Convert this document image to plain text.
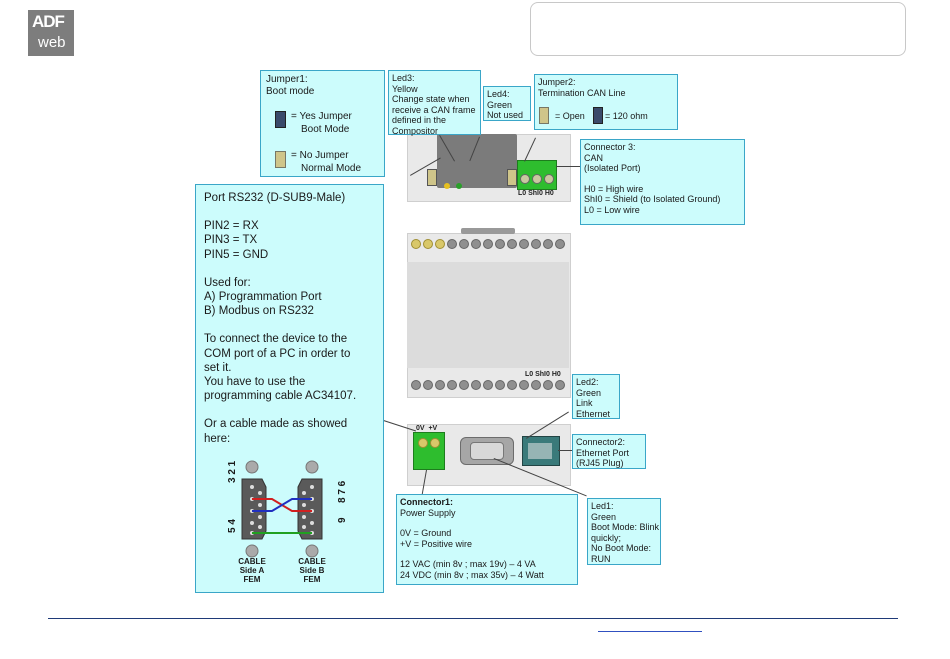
ADF
web
L0 ShI0 H0
L0 ShI0 H0
0V  +V
Jumper1:
Boot mode
= Yes Jumper
Boot Mode
= No Jumper
Normal Mode
Led3:
Yellow
Change state when
receive a CAN frame
defined in the
Compositor
Led4:
Green
Not used
Jumper2:
Termination CAN Line
= Open = 120 ohm
Connector 3:
CAN
(Isolated Port)
H0 = High wire
ShI0 = Shield (to Isolated Ground)
L0 = Low wire
Port RS232 (D-SUB9-Male)
PIN2 = RX
PIN3 = TX
PIN5 = GND
Used for:
A) Programmation Port
B) Modbus on RS232
To connect the device to the
COM port of a PC in order to
set it.
You have to use the
programming cable AC34107.
Or a cable made as showed
here:
3 2 1
5 4
8 7 6
9
CABLE
Side A
FEM
CABLE
Side B
FEM
Led2:
Green
Link
Ethernet
Connector2:
Ethernet Port
(RJ45 Plug)
Connector1:
Power Supply
0V = Ground
+V = Positive wire
12 VAC (min 8v ; max 19v) – 4 VA
24 VDC (min 8v ; max 35v) – 4 Watt
Led1:
Green
Boot Mode: Blink
quickly;
No Boot Mode:
RUN
